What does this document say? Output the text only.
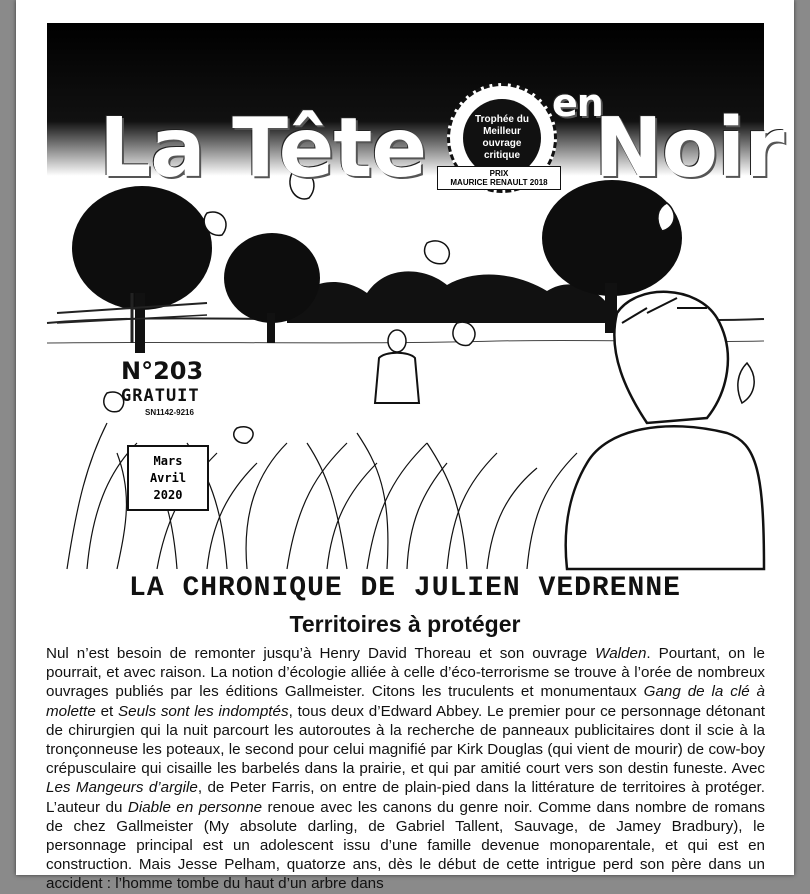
La Tête	en
Noir
Trophée du
Meilleur ouvrage
critique
PRIX
MAURICE RENAULT 2018
N°203
GRATUIT
SN1142-9216
Mars
Avril
2020
LA CHRONIQUE DE JULIEN VEDRENNE
Territoires à protéger

Nul n’est besoin de remonter jusqu’à Henry David Thoreau et son ouvrage Walden. Pourtant, on le pourrait, et avec raison. La notion d’écologie alliée à celle d’éco-terrorisme se trouve à l’orée de nombreux ouvrages publiés par les éditions Gallmeister. Citons les truculents et monumentaux Gang de la clé à molette et Seuls sont les indomptés, tous deux d’Edward Abbey. Le premier pour ce personnage détonant de chirurgien qui la nuit parcourt les autoroutes à la recherche de panneaux publicitaires dont il scie à la tronçonneuse les poteaux, le second pour celui magnifié par Kirk Douglas (qui vient de mourir) de cow-boy crépusculaire qui cisaille les barbelés dans la prairie, et qui par amitié court vers son destin funeste. Avec Les Mangeurs d’argile, de Peter Farris, on entre de plain-pied dans la littérature de territoires à protéger. L’auteur du Diable en personne renoue avec les canons du genre noir. Comme dans nombre de romans de chez Gallmeister (My absolute darling, de Gabriel Tallent, Sauvage, de Jamey Bradbury), le personnage principal est un adolescent issu d’une famille devenue monoparentale, et qui est en construction. Mais Jesse Pelham, quatorze ans, dès le début de cette intrigue perd son père dans un accident : l’homme tombe du haut d’un arbre dans
